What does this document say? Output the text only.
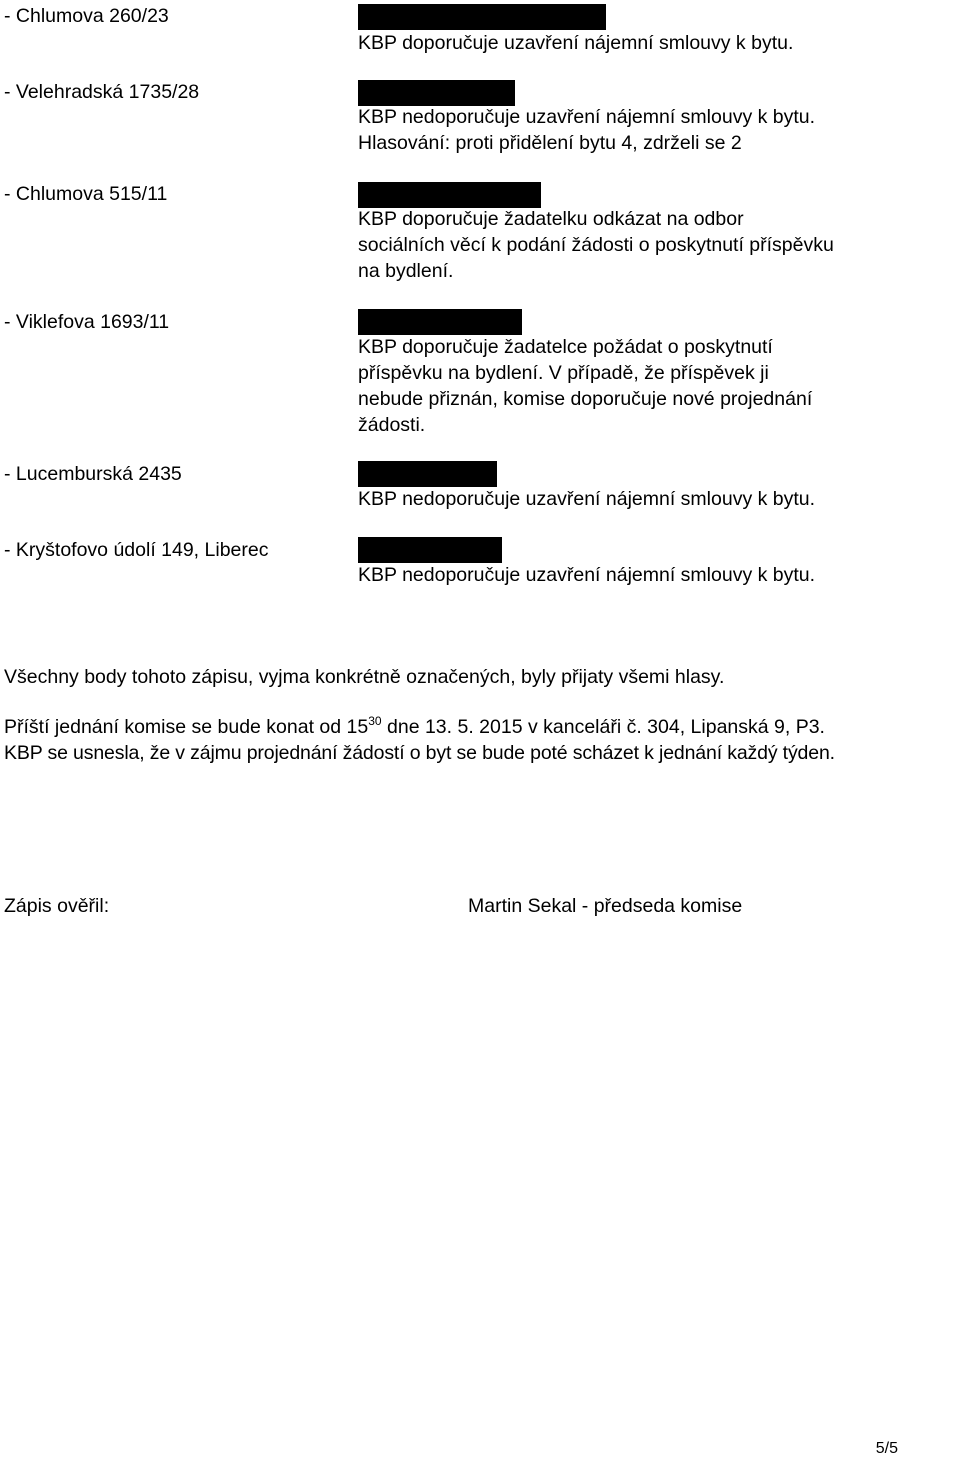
- Chlumova 260/23
KBP doporučuje uzavření nájemní smlouvy k bytu.
- Velehradská 1735/28
KBP nedoporučuje uzavření nájemní smlouvy k bytu.
Hlasování: proti přidělení bytu 4, zdrželi se 2
- Chlumova 515/11
KBP doporučuje žadatelku odkázat na odbor
sociálních věcí k podání žádosti o poskytnutí příspěvku
na bydlení.
- Viklefova 1693/11
KBP doporučuje žadatelce požádat o poskytnutí
příspěvku na bydlení. V případě, že příspěvek ji
nebude přiznán, komise doporučuje nové projednání
žádosti.
- Lucemburská 2435
KBP nedoporučuje uzavření nájemní smlouvy k bytu.
- Kryštofovo údolí 149, Liberec
KBP nedoporučuje uzavření nájemní smlouvy k bytu.
Všechny body tohoto zápisu, vyjma konkrétně označených, byly přijaty všemi hlasy.
Příští jednání komise se bude konat od $15^{30}$ dne 13. 5. 2015 v kanceláři č. 304, Lipanská 9, P3.
KBP se usnesla, že v zájmu projednání žádostí o byt se bude poté scházet k jednání každý týden.
Zápis ověřil:	Martin Sekal - předseda komise
5/5
